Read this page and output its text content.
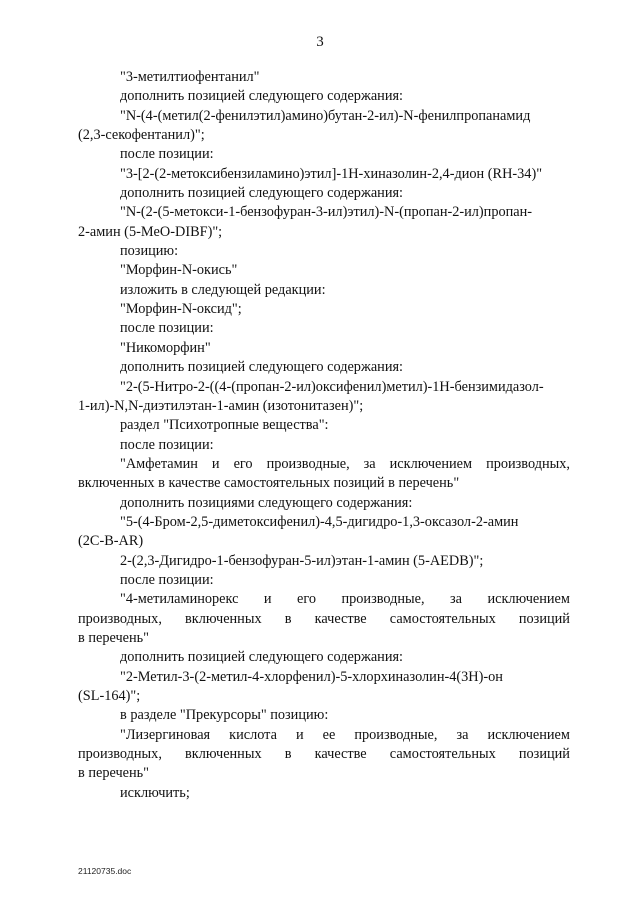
3
"3-метилтиофентанил"
дополнить позицией следующего содержания:
"N-(4-(метил(2-фенилэтил)амино)бутан-2-ил)-N-фенилпропанамид
(2,3-секофентанил)";
после позиции:
"3-[2-(2-метоксибензиламино)этил]-1Н-хиназолин-2,4-дион (RH-34)"
дополнить позицией следующего содержания:
"N-(2-(5-метокси-1-бензофуран-3-ил)этил)-N-(пропан-2-ил)пропан-
2-амин (5-MeO-DIBF)";
позицию:
"Морфин-N-окись"
изложить в следующей редакции:
"Морфин-N-оксид";
после позиции:
"Никоморфин"
дополнить позицией следующего содержания:
"2-(5-Нитро-2-((4-(пропан-2-ил)оксифенил)метил)-1Н-бензимидазол-
1-ил)-N,N-диэтилэтан-1-амин (изотонитазен)";
раздел "Психотропные вещества":
после позиции:
"Амфетамин и его производные, за исключением производных,
включенных в качестве самостоятельных позиций в перечень"
дополнить позициями следующего содержания:
"5-(4-Бром-2,5-диметоксифенил)-4,5-дигидро-1,3-оксазол-2-амин
(2C-B-AR)
2-(2,3-Дигидро-1-бензофуран-5-ил)этан-1-амин (5-AEDB)";
после позиции:
"4-метиламинорекс и его производные, за исключением
производных, включенных в качестве самостоятельных позиций
в перечень"
дополнить позицией следующего содержания:
"2-Метил-3-(2-метил-4-хлорфенил)-5-хлорхиназолин-4(3Н)-он
(SL-164)";
в разделе "Прекурсоры" позицию:
"Лизергиновая кислота и ее производные, за исключением
производных, включенных в качестве самостоятельных позиций
в перечень"
исключить;
21120735.doc
